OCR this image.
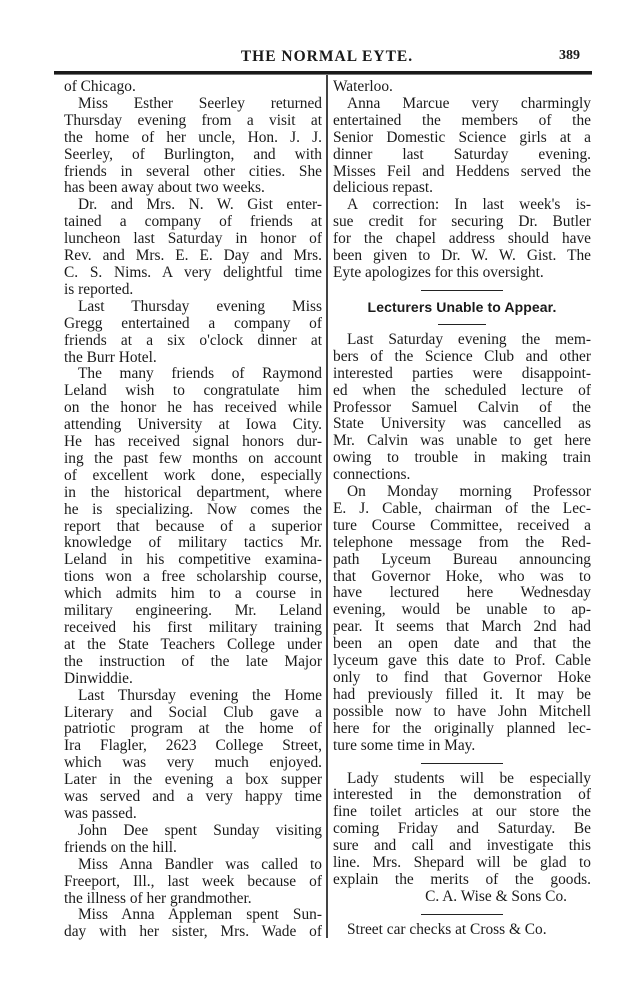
THE NORMAL EYTE.	389
of Chicago.
Miss Esther Seerley returned
Thursday evening from a visit at
the home of her uncle, Hon. J. J.
Seerley, of Burlington, and with
friends in several other cities. She
has been away about two weeks.
Dr. and Mrs. N. W. Gist enter-
tained a company of friends at
luncheon last Saturday in honor of
Rev. and Mrs. E. E. Day and Mrs.
C. S. Nims. A very delightful time
is reported.
Last Thursday evening Miss
Gregg entertained a company of
friends at a six o'clock dinner at
the Burr Hotel.
The many friends of Raymond
Leland wish to congratulate him
on the honor he has received while
attending University at Iowa City.
He has received signal honors dur-
ing the past few months on account
of excellent work done, especially
in the historical department, where
he is specializing. Now comes the
report that because of a superior
knowledge of military tactics Mr.
Leland in his competitive examina-
tions won a free scholarship course,
which admits him to a course in
military engineering. Mr. Leland
received his first military training
at the State Teachers College under
the instruction of the late Major
Dinwiddie.
Last Thursday evening the Home
Literary and Social Club gave a
patriotic program at the home of
Ira Flagler, 2623 College Street,
which was very much enjoyed.
Later in the evening a box supper
was served and a very happy time
was passed.
John Dee spent Sunday visiting
friends on the hill.
Miss Anna Bandler was called to
Freeport, Ill., last week because of
the illness of her grandmother.
Miss Anna Appleman spent Sun-
day with her sister, Mrs. Wade of
Waterloo.
Anna Marcue very charmingly
entertained the members of the
Senior Domestic Science girls at a
dinner last Saturday evening.
Misses Feil and Heddens served the
delicious repast.
A correction: In last week's is-
sue credit for securing Dr. Butler
for the chapel address should have
been given to Dr. W. W. Gist. The
Eyte apologizes for this oversight.
Lecturers Unable to Appear.
Last Saturday evening the mem-
bers of the Science Club and other
interested parties were disappoint-
ed when the scheduled lecture of
Professor Samuel Calvin of the
State University was cancelled as
Mr. Calvin was unable to get here
owing to trouble in making train
connections.
On Monday morning Professor
E. J. Cable, chairman of the Lec-
ture Course Committee, received a
telephone message from the Red-
path Lyceum Bureau announcing
that Governor Hoke, who was to
have lectured here Wednesday
evening, would be unable to ap-
pear. It seems that March 2nd had
been an open date and that the
lyceum gave this date to Prof. Cable
only to find that Governor Hoke
had previously filled it. It may be
possible now to have John Mitchell
here for the originally planned lec-
ture some time in May.
Lady students will be especially
interested in the demonstration of
fine toilet articles at our store the
coming Friday and Saturday. Be
sure and call and investigate this
line. Mrs. Shepard will be glad to
explain the merits of the goods.
C. A. Wise & Sons Co.
Street car checks at Cross & Co.
